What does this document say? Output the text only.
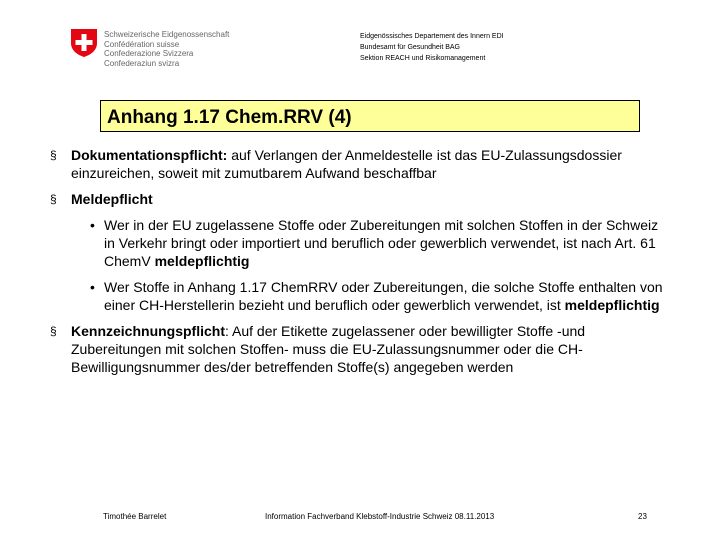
Schweizerische Eidgenossenschaft
Confédération suisse
Confederazione Svizzera
Confederaziun svizra
Eidgenössisches Departement des Innern EDI
Bundesamt für Gesundheit BAG
Sektion REACH und Risikomanagement
Anhang 1.17 Chem.RRV (4)
§	Dokumentationspflicht: auf Verlangen der Anmeldestelle ist das EU-Zulassungsdossier einzureichen, soweit mit zumutbarem Aufwand beschaffbar
§	Meldepflicht
• Wer in der EU zugelassene Stoffe oder Zubereitungen mit solchen Stoffen in der Schweiz in Verkehr bringt oder importiert und beruflich oder gewerblich verwendet, ist nach Art. 61 ChemV meldepflichtig
• Wer Stoffe in Anhang 1.17 ChemRRV oder Zubereitungen, die solche Stoffe enthalten von einer CH-Herstellerin bezieht und beruflich oder gewerblich verwendet, ist meldepflichtig
§	Kennzeichnungspflicht: Auf der Etikette zugelassener oder bewilligter Stoffe -und Zubereitungen mit solchen Stoffen- muss die EU-Zulassungsnummer oder die CH-Bewilligungsnummer des/der betreffenden Stoffe(s) angegeben werden
Timothée Barrelet	Information Fachverband Klebstoff-Industrie Schweiz 08.11.2013	23
